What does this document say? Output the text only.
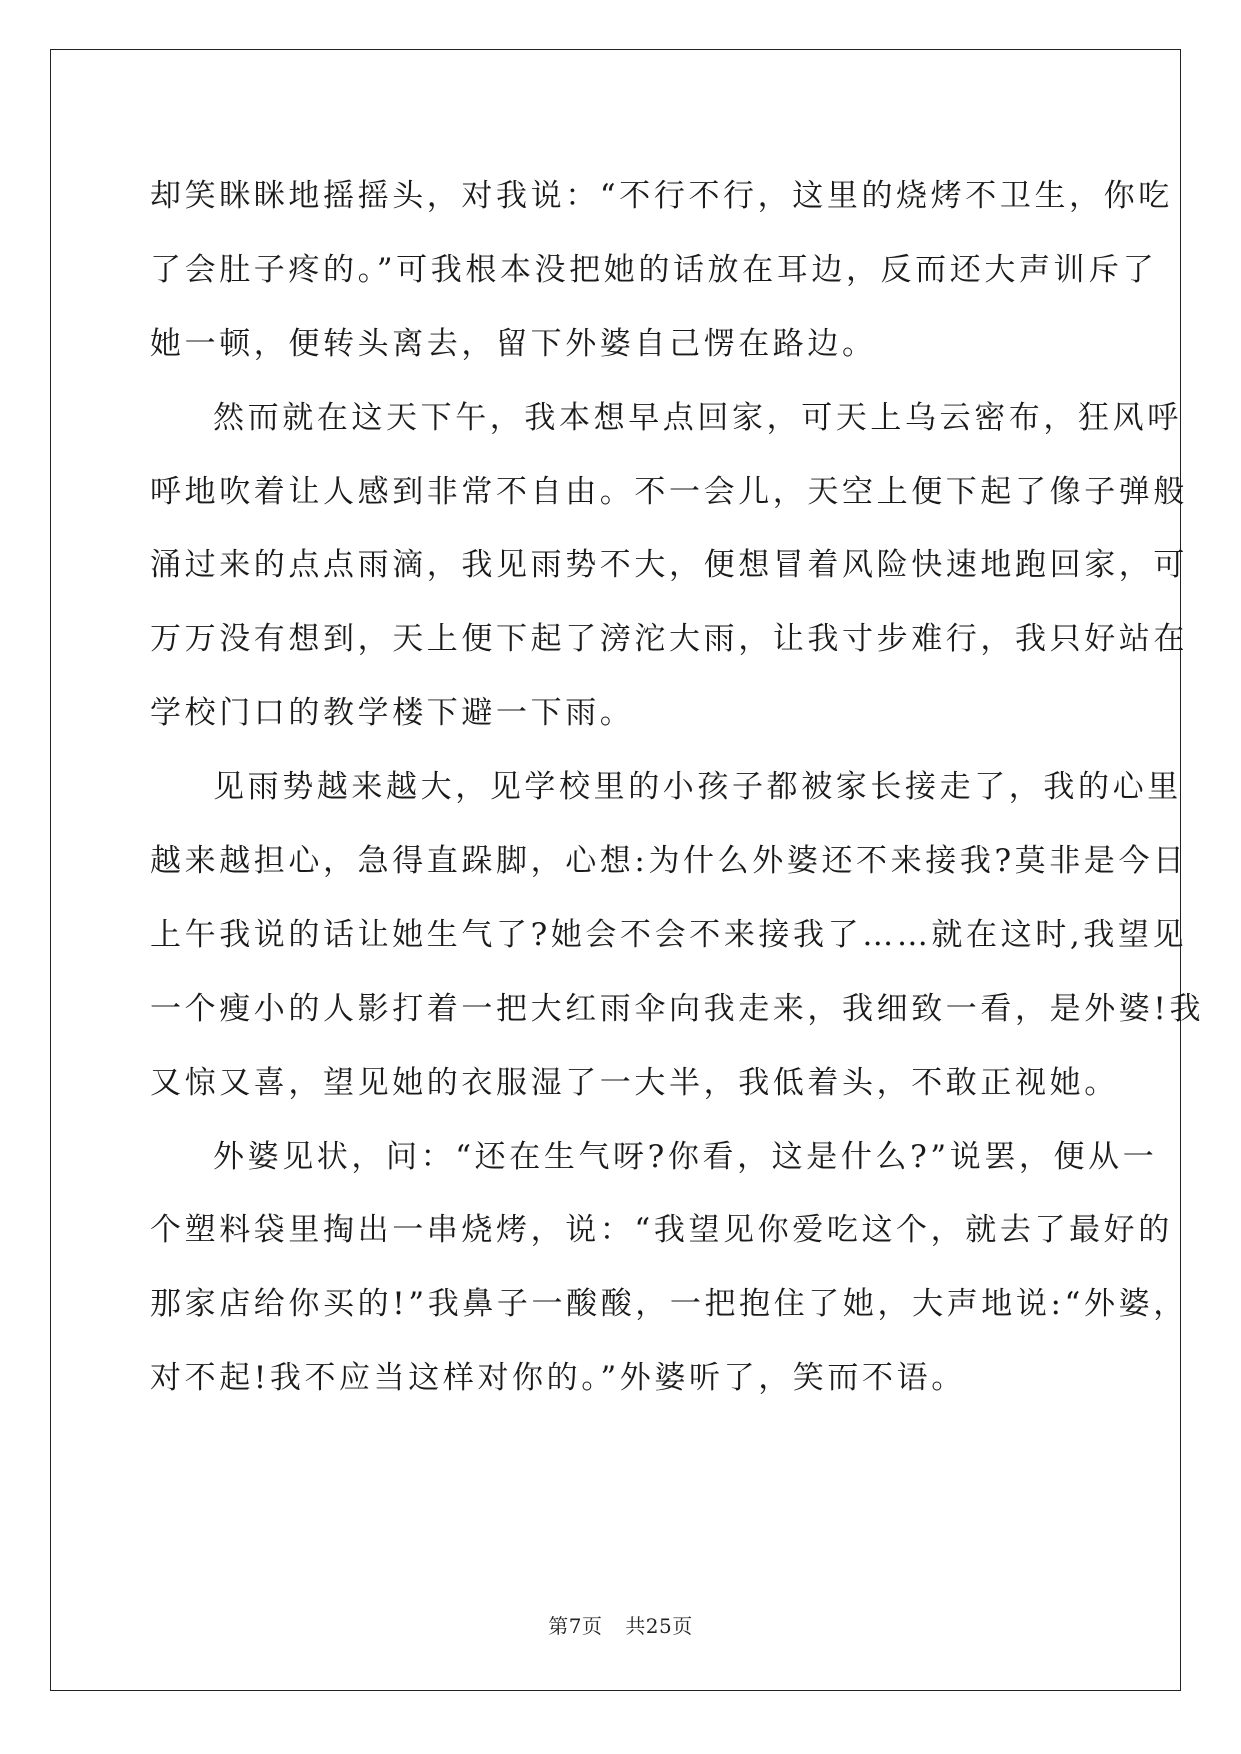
却笑眯眯地摇摇头，对我说：“不行不行，这里的烧烤不卫生，你吃

了会肚子疼的。”可我根本没把她的话放在耳边，反而还大声训斥了

她一顿，便转头离去，留下外婆自己愣在路边。

然而就在这天下午，我本想早点回家，可天上乌云密布，狂风呼

呼地吹着让人感到非常不自由。不一会儿，天空上便下起了像子弹般

涌过来的点点雨滴，我见雨势不大，便想冒着风险快速地跑回家，可

万万没有想到，天上便下起了滂沱大雨，让我寸步难行，我只好站在

学校门口的教学楼下避一下雨。

见雨势越来越大，见学校里的小孩子都被家长接走了，我的心里

越来越担心，急得直跺脚，心想:为什么外婆还不来接我?莫非是今日

上午我说的话让她生气了?她会不会不来接我了……就在这时,我望见

一个瘦小的人影打着一把大红雨伞向我走来，我细致一看，是外婆!我

又惊又喜，望见她的衣服湿了一大半，我低着头，不敢正视她。

外婆见状，问：“还在生气呀?你看，这是什么?”说罢，便从一

个塑料袋里掏出一串烧烤，说：“我望见你爱吃这个，就去了最好的

那家店给你买的!”我鼻子一酸酸，一把抱住了她，大声地说:“外婆，

对不起!我不应当这样对你的。”外婆听了，笑而不语。

第7页 共25页
